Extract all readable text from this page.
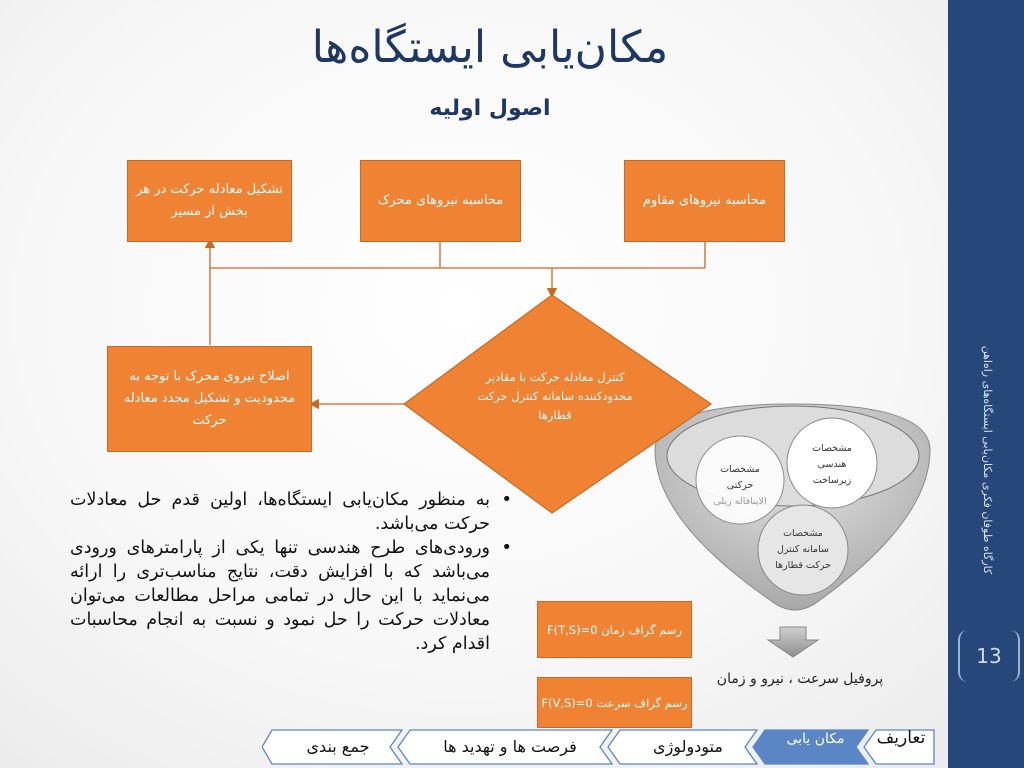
کارگاه طوفان فکری مکان‌یابی ایستگاه‌های راه‌اهن
13
مکان‌یابی ایستگاه‌ها
اصول اولیه
تشکیل معادله حرکت در هر بخش از مسیر
محاسبه نیروهای محرک	محاسبه نیروهای مقاوم
اصلاح نیروی محرک با توجه به محدودیت و تشکیل مجدد معادله حرکت
کنترل معادله حرکت با مقادیر محدودکننده سامانه کنترل حرکت قطارها
مشخصات
حرکتی
الاینافاله ریلی
مشخصات
هندسی
زیرساخت
مشخصات
سامانه کنترل
حرکت قطارها
F(T,S)=0 رسم گراف زمان
F(V,S)=0 رسم گراف سرعت
پروفیل سرعت ، نیرو و زمان
• به منظور مکان‌یابی ایستگاه‌ها، اولین قدم حل معادلات حرکت می‌باشد.
• ورودی‌های طرح هندسی تنها یکی از پارامترهای ورودی می‌باشد که با افزایش دقت، نتایج مناسب‌تری را ارائه می‌نماید با این حال در تمامی مراحل مطالعات می‌توان معادلات حرکت را حل نمود و نسبت به انجام محاسبات اقدام کرد.
جمع بندی	فرصت ها و تهدید ها	متودولوژی	مکان یابی	تعاریف
